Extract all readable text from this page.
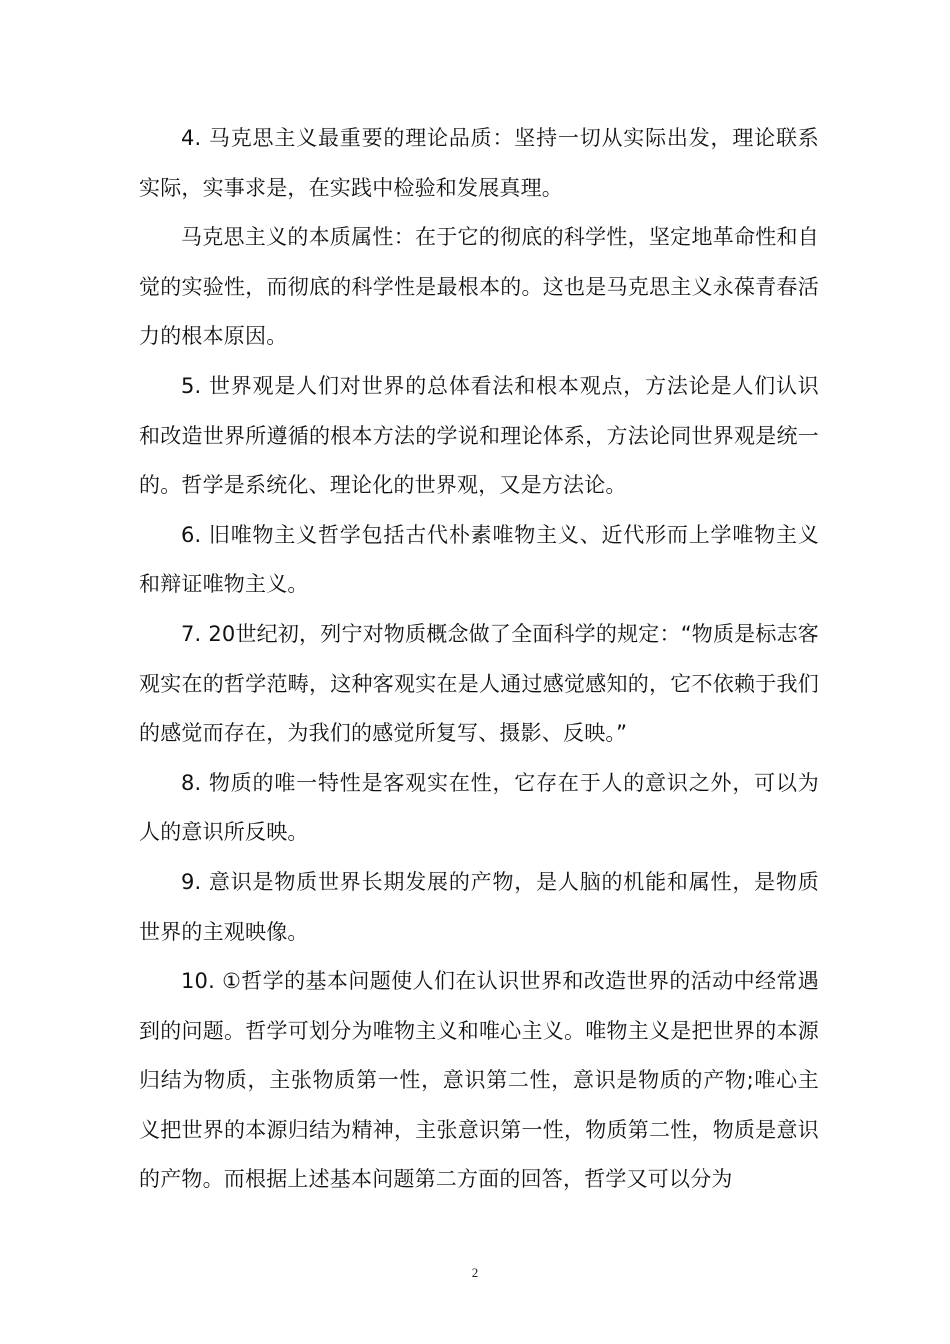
4. 马克思主义最重要的理论品质：坚持一切从实际出发，理论联系实际，实事求是，在实践中检验和发展真理。

马克思主义的本质属性：在于它的彻底的科学性，坚定地革命性和自觉的实验性，而彻底的科学性是最根本的。这也是马克思主义永葆青春活力的根本原因。

5. 世界观是人们对世界的总体看法和根本观点，方法论是人们认识和改造世界所遵循的根本方法的学说和理论体系，方法论同世界观是统一的。哲学是系统化、理论化的世界观，又是方法论。

6. 旧唯物主义哲学包括古代朴素唯物主义、近代形而上学唯物主义和辩证唯物主义。

7. 20世纪初，列宁对物质概念做了全面科学的规定：“物质是标志客观实在的哲学范畴，这种客观实在是人通过感觉感知的，它不依赖于我们的感觉而存在，为我们的感觉所复写、摄影、反映。”

8. 物质的唯一特性是客观实在性，它存在于人的意识之外，可以为人的意识所反映。

9. 意识是物质世界长期发展的产物，是人脑的机能和属性，是物质世界的主观映像。

10. ①哲学的基本问题使人们在认识世界和改造世界的活动中经常遇到的问题。哲学可划分为唯物主义和唯心主义。唯物主义是把世界的本源归结为物质，主张物质第一性，意识第二性，意识是物质的产物;唯心主义把世界的本源归结为精神，主张意识第一性，物质第二性，物质是意识的产物。而根据上述基本问题第二方面的回答，哲学又可以分为

2
